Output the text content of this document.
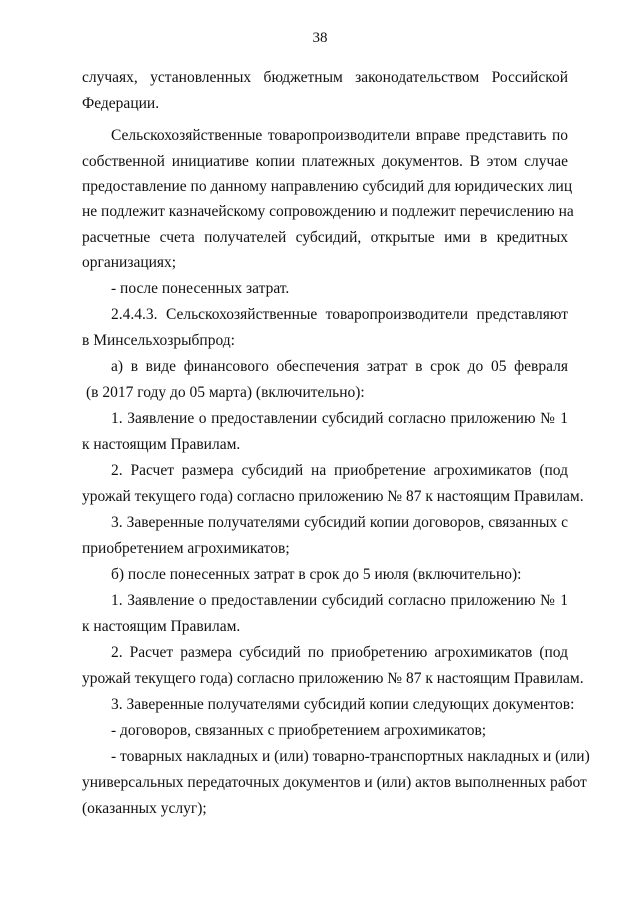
38
случаях, установленных бюджетным законодательством Российской
Федерации.
Сельскохозяйственные товаропроизводители вправе представить по
собственной инициативе копии платежных документов. В этом случае
предоставление по данному направлению субсидий для юридических лиц
не подлежит казначейскому сопровождению и подлежит перечислению на
расчетные счета получателей субсидий, открытые ими в кредитных
организациях;
- после понесенных затрат.
2.4.4.3. Сельскохозяйственные товаропроизводители представляют
в Минсельхозрыбпрод:
а) в виде финансового обеспечения затрат в срок до 05 февраля
(в 2017 году до 05 марта) (включительно):
1. Заявление о предоставлении субсидий согласно приложению № 1
к настоящим Правилам.
2. Расчет размера субсидий на приобретение агрохимикатов (под
урожай текущего года) согласно приложению № 87 к настоящим Правилам.
3. Заверенные получателями субсидий копии договоров, связанных с
приобретением агрохимикатов;
б) после понесенных затрат в срок до 5 июля (включительно):
1. Заявление о предоставлении субсидий согласно приложению № 1
к настоящим Правилам.
2. Расчет размера субсидий по приобретению агрохимикатов (под
урожай текущего года) согласно приложению № 87 к настоящим Правилам.
3. Заверенные получателями субсидий копии следующих документов:
- договоров, связанных с приобретением агрохимикатов;
- товарных накладных и (или) товарно-транспортных накладных и (или)
универсальных передаточных документов и (или) актов выполненных работ
(оказанных услуг);
